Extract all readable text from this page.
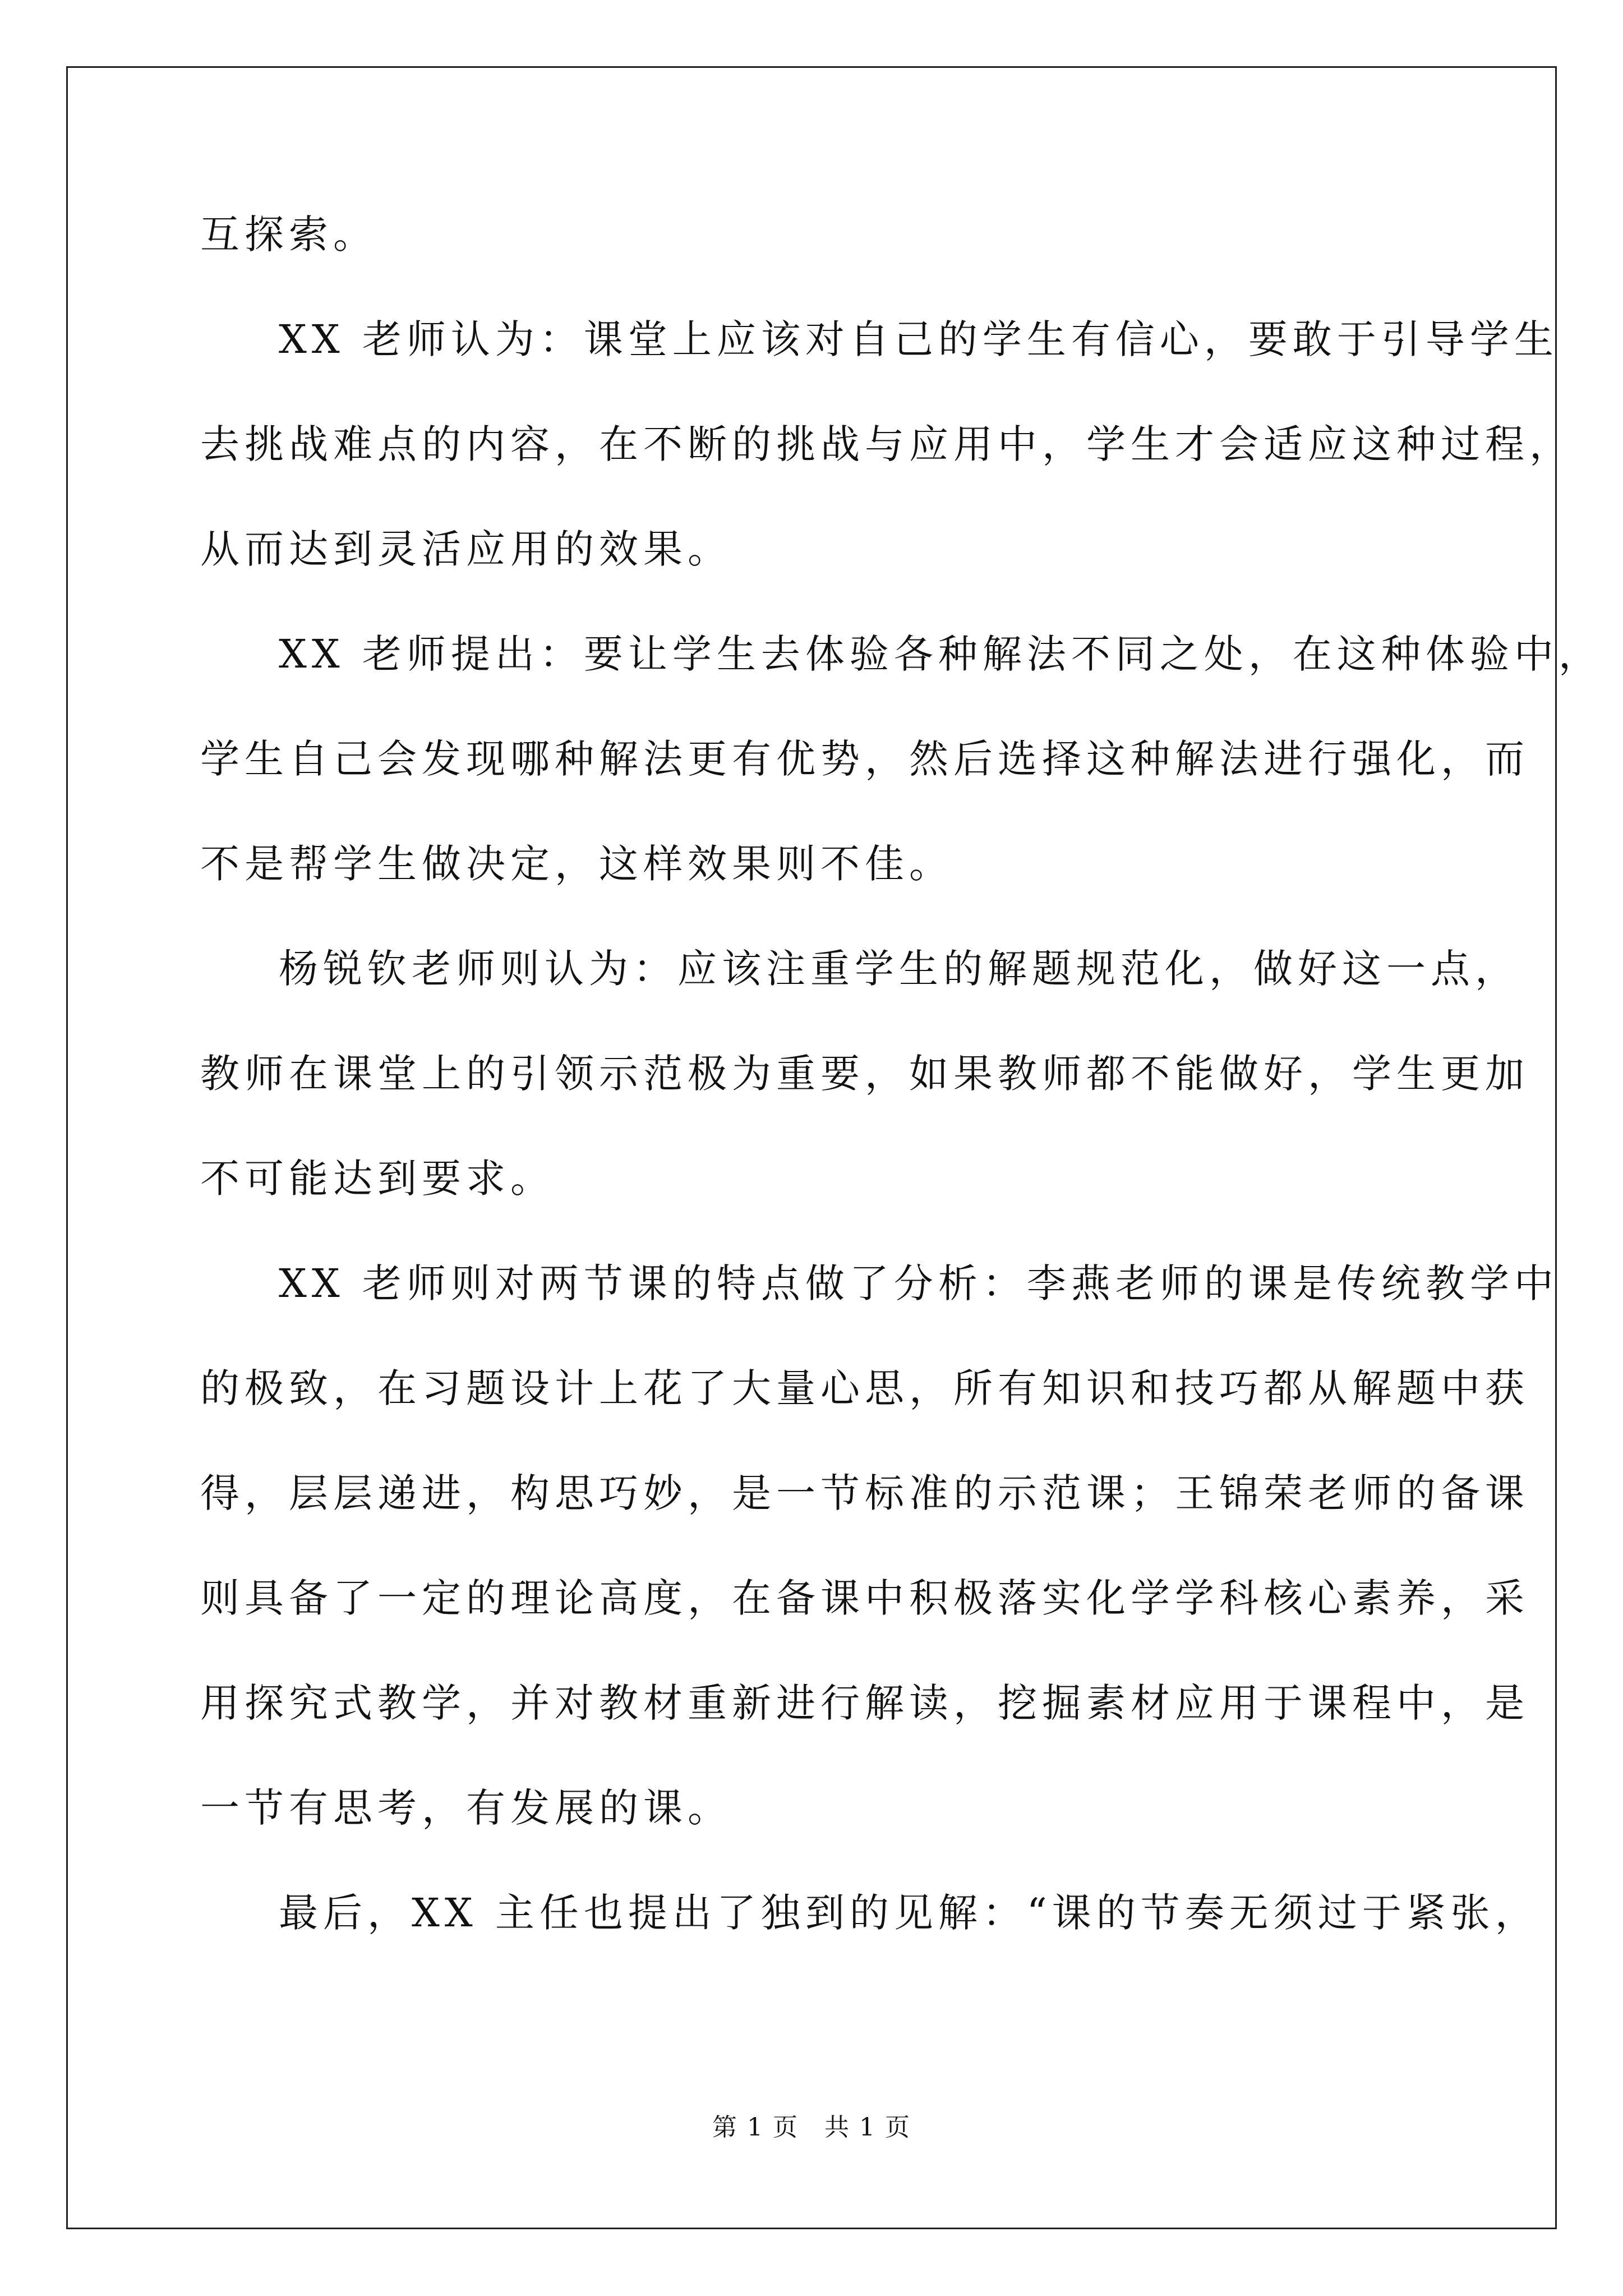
互探索。
XX 老师认为：课堂上应该对自己的学生有信心，要敢于引导学生
去挑战难点的内容，在不断的挑战与应用中，学生才会适应这种过程，
从而达到灵活应用的效果。
XX 老师提出：要让学生去体验各种解法不同之处，在这种体验中，
学生自己会发现哪种解法更有优势，然后选择这种解法进行强化，而
不是帮学生做决定，这样效果则不佳。
杨锐钦老师则认为：应该注重学生的解题规范化，做好这一点，
教师在课堂上的引领示范极为重要，如果教师都不能做好，学生更加
不可能达到要求。
XX 老师则对两节课的特点做了分析：李燕老师的课是传统教学中
的极致，在习题设计上花了大量心思，所有知识和技巧都从解题中获
得，层层递进，构思巧妙，是一节标准的示范课；王锦荣老师的备课
则具备了一定的理论高度，在备课中积极落实化学学科核心素养，采
用探究式教学，并对教材重新进行解读，挖掘素材应用于课程中，是
一节有思考，有发展的课。
最后，XX 主任也提出了独到的见解：“课的节奏无须过于紧张，
第 1 页　共 1 页
